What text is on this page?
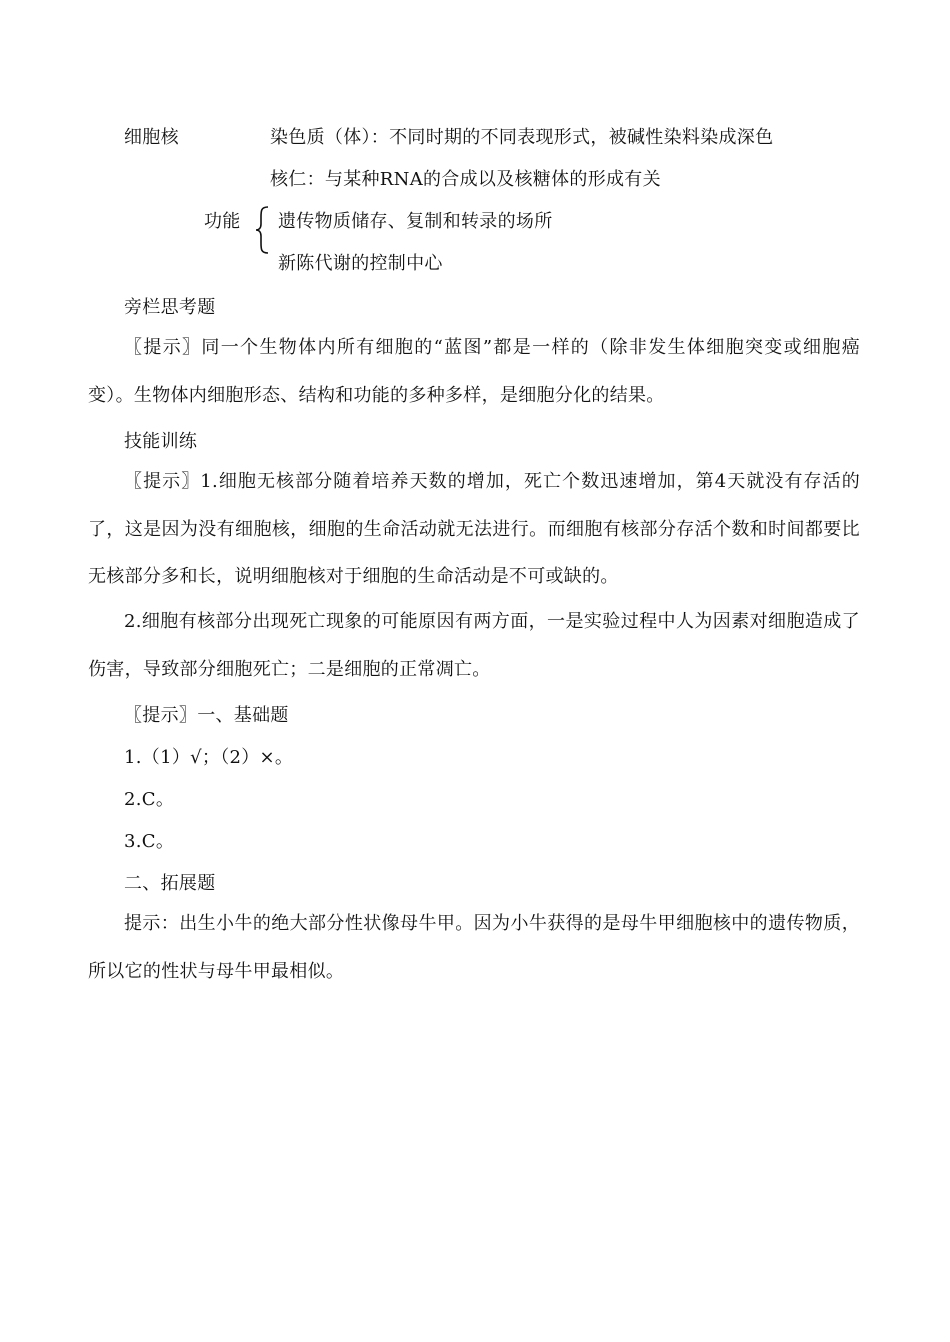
细胞核	染色质（体）：不同时期的不同表现形式，被碱性染料染成深色
核仁：与某种RNA的合成以及核糖体的形成有关
功能 遗传物质储存、复制和转录的场所
新陈代谢的控制中心
旁栏思考题
〖提示〗同一个生物体内所有细胞的“蓝图”都是一样的（除非发生体细胞突变或细胞癌变）。生物体内细胞形态、结构和功能的多种多样，是细胞分化的结果。
技能训练
〖提示〗1.细胞无核部分随着培养天数的增加，死亡个数迅速增加，第4天就没有存活的了，这是因为没有细胞核，细胞的生命活动就无法进行。而细胞有核部分存活个数和时间都要比无核部分多和长，说明细胞核对于细胞的生命活动是不可或缺的。
2.细胞有核部分出现死亡现象的可能原因有两方面，一是实验过程中人为因素对细胞造成了伤害，导致部分细胞死亡；二是细胞的正常凋亡。
〖提示〗一、基础题
1.（1）√；（2）×。
2.C。
3.C。
二、拓展题
提示：出生小牛的绝大部分性状像母牛甲。因为小牛获得的是母牛甲细胞核中的遗传物质，所以它的性状与母牛甲最相似。
